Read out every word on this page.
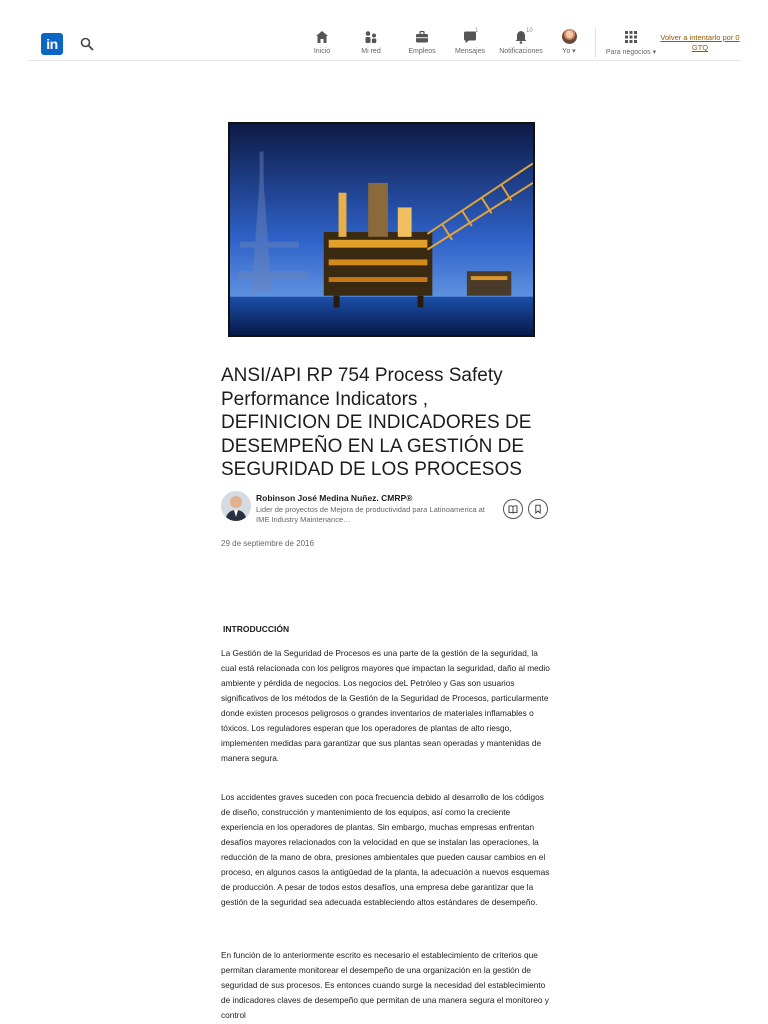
in	Inicio	Mi red	Empleos
1
Mensajes
10
Notificaciones	Yo ▾	Para negocios ▾
Volver a intentarlo por 0 GTQ
ANSI/API RP 754 Process Safety Performance Indicators , DEFINICION DE INDICADORES DE DESEMPEÑO EN LA GESTIÓN DE SEGURIDAD DE LOS PROCESOS
Robinson José Medina Nuñez. CMRP®
Lider de proyectos de Mejora de productividad para Latinoamerica at IME Industry Maintenance…
29 de septiembre de 2016
INTRODUCCIÓN

La Gestión de la Seguridad de Procesos es una parte de la gestión de la seguridad, la cual está relacionada con los peligros mayores que impactan la seguridad, daño al medio ambiente y pérdida de negocios. Los negocios deL Petróleo y Gas son usuarios significativos de los métodos de la Gestión de la Seguridad de Procesos, particularmente donde existen procesos peligrosos o grandes inventarios de materiales inflamables o tóxicos. Los reguladores esperan que los operadores de plantas de alto riesgo, implementen medidas para garantizar que sus plantas sean operadas y mantenidas de manera segura.

Los accidentes graves suceden con poca frecuencia debido al desarrollo de los códigos de diseño, construcción y mantenimiento de los equipos, así como la creciente experiencia en los operadores de plantas. Sin embargo, muchas empresas enfrentan desafíos mayores relacionados con la velocidad en que se instalan las operaciones, la reducción de la mano de obra, presiones ambientales que pueden causar cambios en el proceso, en algunos casos la antigüedad de la planta, la adecuación a nuevos esquemas de producción. A pesar de todos estos desafíos, una empresa debe garantizar que la gestión de la seguridad sea adecuada estableciendo altos estándares de desempeño.

En función de lo anteriormente escrito es necesario el establecimiento de criterios que permitan claramente monitorear el desempeño de una organización en la gestión de seguridad de sus procesos. Es entonces cuando surge la necesidad del establecimiento de indicadores claves de desempeño que permitan de una manera segura el monitoreo y control
